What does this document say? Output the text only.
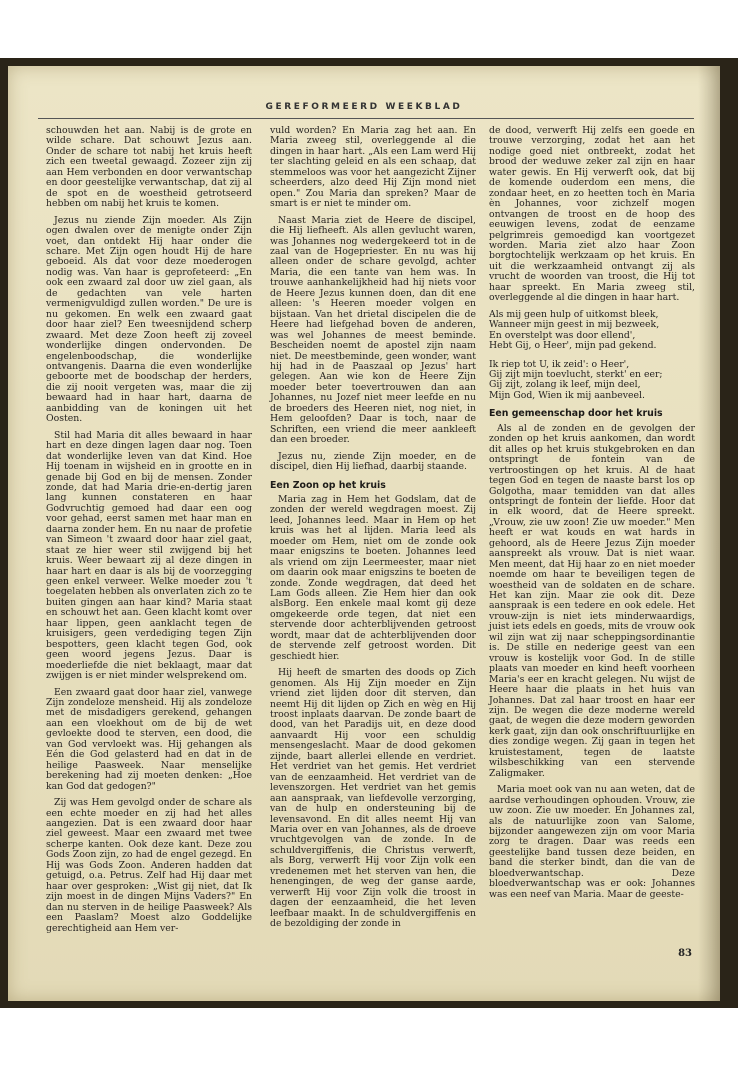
GEREFORMEERD WEEKBLAD

schouwden het aan. Nabij is de grote en wilde schare. Dat schouwt Jezus aan. Onder de schare tot nabij het kruis heeft zich een tweetal gewaagd. Zozeer zijn zij aan Hem verbonden en door verwantschap en door geestelijke verwantschap, dat zij al de spot en de woestheid getrotseerd hebben om nabij het kruis te komen.

Jezus nu ziende Zijn moeder. Als Zijn ogen dwalen over de menigte onder Zijn voet, dan ontdekt Hij haar onder die schare. Met Zijn ogen houdt Hij de hare geboeid. Als dat voor deze moederogen nodig was. Van haar is geprofeteerd: „En ook een zwaard zal door uw ziel gaan, als de gedachten van vele harten vermenigvuldigd zullen worden." De ure is nu gekomen. En welk een zwaard gaat door haar ziel? Een tweesnijdend scherp zwaard. Met deze Zoon heeft zij zoveel wonderlijke dingen ondervonden. De engelenboodschap, die wonderlijke ontvangenis. Daarna die even wonderlijke geboorte met de boodschap der herders, die zij nooit vergeten was, maar die zij bewaard had in haar hart, daarna de aanbidding van de koningen uit het Oosten.

Stil had Maria dit alles bewaard in haar hart en deze dingen lagen daar nog. Toen dat wonderlijke leven van dat Kind. Hoe Hij toenam in wijsheid en in grootte en in genade bij God en bij de mensen. Zonder zonde, dat had Maria drie-en-dertig jaren lang kunnen constateren en haar Godvruchtig gemoed had daar een oog voor gehad, eerst samen met haar man en daarna zonder hem. En nu naar de profetie van Simeon 't zwaard door haar ziel gaat, staat ze hier weer stil zwijgend bij het kruis. Weer bewaart zij al deze dingen in haar hart en daar is als bij de voorzegging geen enkel verweer. Welke moeder zou 't toegelaten hebben als onverlaten zich zo te buiten gingen aan haar kind? Maria staat en schouwt het aan. Geen klacht komt over haar lippen, geen aanklacht tegen de kruisigers, geen verdediging tegen Zijn bespotters, geen klacht tegen God, ook geen woord jegens Jezus. Daar is moederliefde die niet beklaagt, maar dat zwijgen is er niet minder welsprekend om.

Een zwaard gaat door haar ziel, vanwege Zijn zondeloze mensheid. Hij als zondeloze met de misdadigers gerekend, gehangen aan een vloekhout om de bij de wet gevloekte dood te sterven, een dood, die van God vervloekt was. Hij gehangen als Eén die God gelasterd had en dat in de heilige Paasweek. Naar menselijke berekening had zij moeten denken: „Hoe kan God dat gedogen?"

Zij was Hem gevolgd onder de schare als een echte moeder en zij had het alles aangezien. Dat is een zwaard door haar ziel geweest. Maar een zwaard met twee scherpe kanten. Ook deze kant. Deze zou Gods Zoon zijn, zo had de engel gezegd. En Hij was Gods Zoon. Anderen hadden dat getuigd, o.a. Petrus. Zelf had Hij daar met haar over gesproken: „Wist gij niet, dat Ik zijn moest in de dingen Mijns Vaders?" En dan nu sterven in de heilige Paasweek? Als een Paaslam? Moest alzo Goddelijke gerechtigheid aan Hem ver-

vuld worden? En Maria zag het aan. En Maria zweeg stil, overleggende al die dingen in haar hart. „Als een Lam werd Hij ter slachting geleid en als een schaap, dat stemmeloos was voor het aangezicht Zijner scheerders, alzo deed Hij Zijn mond niet open." Zou Maria dan spreken? Maar de smart is er niet te minder om.

Naast Maria ziet de Heere de discipel, die Hij liefheeft. Als allen gevlucht waren, was Johannes nog wedergekeerd tot in de zaal van de Hogepriester. En nu was hij alleen onder de schare gevolgd, achter Maria, die een tante van hem was. In trouwe aanhankelijkheid had hij niets voor de Heere Jezus kunnen doen, dan dit ene alleen: 's Heeren moeder volgen en bijstaan. Van het drietal discipelen die de Heere had liefgehad boven de anderen, was wel Johannes de meest beminde. Bescheiden noemt de apostel zijn naam niet. De meestbeminde, geen wonder, want hij had in de Paaszaal op Jezus' hart gelegen. Aan wie kon de Heere Zijn moeder beter toevertrouwen dan aan Johannes, nu Jozef niet meer leefde en nu de broeders des Heeren niet, nog niet, in Hem geloofden? Daar is toch, naar de Schriften, een vriend die meer aankleeft dan een broeder.

Jezus nu, ziende Zijn moeder, en de discipel, dien Hij liefhad, daarbij staande.

Een Zoon op het kruis

Maria zag in Hem het Godslam, dat de zonden der wereld wegdragen moest. Zij leed, Johannes leed. Maar in Hem op het kruis was het al lijden. Maria leed als moeder om Hem, niet om de zonde ook maar enigszins te boeten. Johannes leed als vriend om zijn Leermeester, maar niet om daarin ook maar enigszins te boeten de zonde. Zonde wegdragen, dat deed het Lam Gods alleen. Zie Hem hier dan ook alsBorg. Een enkele maal komt gij deze omgekeerde orde tegen, dat niet een stervende door achterblijvenden getroost wordt, maar dat de achterblijvenden door de stervende zelf getroost worden. Dit geschiedt hier.

Hij heeft de smarten des doods op Zich genomen. Als Hij Zijn moeder en Zijn vriend ziet lijden door dit sterven, dan neemt Hij dit lijden op Zich en wèg en Hij troost inplaats daarvan. De zonde baart de dood, van het Paradijs uit, en deze dood aanvaardt Hij voor een schuldig mensengeslacht. Maar de dood gekomen zijnde, baart allerlei ellende en verdriet. Het verdriet van het gemis. Het verdriet van de eenzaamheid. Het verdriet van de levenszorgen. Het verdriet van het gemis aan aanspraak, van liefdevolle verzorging, van de hulp en ondersteuning bij de levensavond. En dit alles neemt Hij van Maria over en van Johannes, als de droeve vruchtgevolgen van de zonde. In de schuldvergiffenis, die Christus verwerft, als Borg, verwerft Hij voor Zijn volk een vredenemen met het sterven van hen, die henengingen, de weg der ganse aarde, verwerft Hij voor Zijn volk die troost in dagen der eenzaamheid, die het leven leefbaar maakt. In de schuldvergiffenis en de bezoldiging der zonde in

de dood, verwerft Hij zelfs een goede en trouwe verzorging, zodat het aan het nodige goed niet ontbreekt, zodat het brood der weduwe zeker zal zijn en haar water gewis. En Hij verwerft ook, dat bij de komende ouderdom een mens, die zondaar heet, en zo heetten toch èn Maria èn Johannes, voor zichzelf mogen ontvangen de troost en de hoop des eeuwigen levens, zodat de eenzame pelgrimreis gemoedigd kan voortgezet worden. Maria ziet alzo haar Zoon borgtochtelijk werkzaam op het kruis. En uit die werkzaamheid ontvangt zij als vrucht de woorden van troost, die Hij tot haar spreekt. En Maria zweeg stil, overleggende al die dingen in haar hart.

Als mij geen hulp of uitkomst bleek,
Wanneer mijn geest in mij bezweek,
En overstelpt was door ellend',
Hebt Gij, o Heer', mijn pad gekend.
Ik riep tot U, ik zeid': o Heer',
Gij zijt mijn toevlucht, sterkt' en eer;
Gij zijt, zolang ik leef, mijn deel,
Mijn God, Wien ik mij aanbeveel.
Een gemeenschap door het kruis

Als al de zonden en de gevolgen der zonden op het kruis aankomen, dan wordt dit alles op het kruis stukgebroken en dan ontspringt de fontein van de vertroostingen op het kruis. Al de haat tegen God en tegen de naaste barst los op Golgotha, maar temidden van dat alles ontspringt de fontein der liefde. Hoor dat in elk woord, dat de Heere spreekt. „Vrouw, zie uw zoon! Zie uw moeder." Men heeft er wat kouds en wat hards in gehoord, als de Heere Jezus Zijn moeder aanspreekt als vrouw. Dat is niet waar. Men meent, dat Hij haar zo en niet moeder noemde om haar te beveiligen tegen de woestheid van de soldaten en de schare. Het kan zijn. Maar zie ook dit. Deze aanspraak is een tedere en ook edele. Het vrouw-zijn is niet iets minderwaardigs, juist iets edels en goeds, mits de vrouw ook wil zijn wat zij naar scheppingsordinantie is. De stille en nederige geest van een vrouw is kostelijk voor God. In de stille plaats van moeder en kind heeft voorheen Maria's eer en kracht gelegen. Nu wijst de Heere haar die plaats in het huis van Johannes. Dat zal haar troost en haar eer zijn. De wegen die deze moderne wereld gaat, de wegen die deze modern geworden kerk gaat, zijn dan ook onschriftuurlijke en dies zondige wegen. Zij gaan in tegen het kruistestament, tegen de laatste wilsbeschikking van een stervende Zaligmaker.

Maria moet ook van nu aan weten, dat de aardse verhoudingen ophouden. Vrouw, zie uw zoon. Zie uw moeder. En Johannes zal, als de natuurlijke zoon van Salome, bijzonder aangewezen zijn om voor Maria zorg te dragen. Daar was reeds een geestelijke band tussen deze beiden, en band die sterker bindt, dan die van de bloedverwantschap. Deze bloedverwantschap was er ook: Johannes was een neef van Maria. Maar de geeste-

83
